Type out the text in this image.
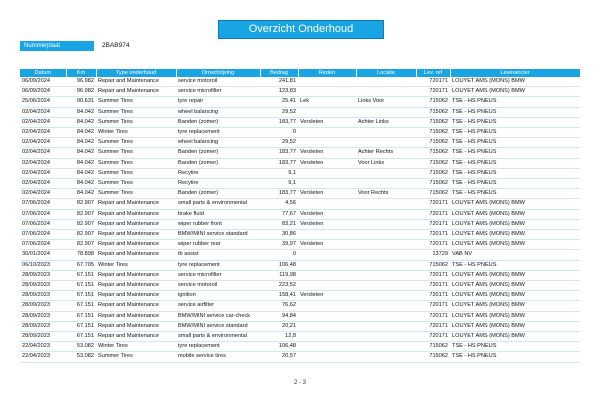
Overzicht Onderhoud
Nummerplaat	2BAB974
Datum	Km	Type onderhoud	Omschrijving	Bedrag	Reden	Locatie	Lev. ref	Leverancier
06/09/2024	96.982	Repair and Maintenance	service motoroil	241,81			720171	LOUYET AMS (MONS) BMW
06/09/2024	96.982	Repair and Maintenance	service microfilter	123,83			720171	LOUYET AMS (MONS) BMW
25/06/2024	90.631	Summer Tires	tyre repair	25,41	Lek	Links Voor	715062	TSE - HS PNEUS
02/04/2024	84.042	Summer Tires	wheel balancing	29,52			715062	TSE - HS PNEUS
02/04/2024	84.042	Summer Tires	Banden (zomer)	183,77	Versleten	Achter Links	715062	TSE - HS PNEUS
02/04/2024	84.042	Winter Tires	tyre replacement	0			715062	TSE - HS PNEUS
02/04/2024	84.042	Summer Tires	wheel balancing	29,52			715062	TSE - HS PNEUS
02/04/2024	84.042	Summer Tires	Banden (zomer)	183,77	Versleten	Achter Rechts	715062	TSE - HS PNEUS
02/04/2024	84.042	Summer Tires	Banden (zomer)	183,77	Versleten	Voor Links	715062	TSE - HS PNEUS
02/04/2024	84.042	Summer Tires	Recytire	9,1			715062	TSE - HS PNEUS
02/04/2024	84.042	Summer Tires	Recytire	9,1			715062	TSE - HS PNEUS
02/04/2024	84.042	Summer Tires	Banden (zomer)	183,77	Versleten	Voor Rechts	715062	TSE - HS PNEUS
07/06/2024	82.907	Repair and Maintenance	small parts & environmental	4,56			720171	LOUYET AMS (MONS) BMW
07/06/2024	82.907	Repair and Maintenance	brake fluid	77,67	Versleten		720171	LOUYET AMS (MONS) BMW
07/06/2024	82.907	Repair and Maintenance	wiper rubber front	83,21	Versleten		720171	LOUYET AMS (MONS) BMW
07/06/2024	82.907	Repair and Maintenance	BMW/MINI service standard	30,86			720171	LOUYET AMS (MONS) BMW
07/06/2024	82.907	Repair and Maintenance	wiper rubber rear	39,97	Versleten		720171	LOUYET AMS (MONS) BMW
30/01/2024	78.898	Repair and Maintenance	tb assist	0			13729	VAB NV
06/10/2023	67.705	Winter Tires	tyre replacement	106,48			715062	TSE - HS PNEUS
28/09/2023	67.151	Repair and Maintenance	service microfilter	119,98			720171	LOUYET AMS (MONS) BMW
28/09/2023	67.151	Repair and Maintenance	service motoroil	223,52			720171	LOUYET AMS (MONS) BMW
28/09/2023	67.151	Repair and Maintenance	ignition	158,41	Versleten		720171	LOUYET AMS (MONS) BMW
28/09/2023	67.151	Repair and Maintenance	service airfilter	76,62			720171	LOUYET AMS (MONS) BMW
28/09/2023	67.151	Repair and Maintenance	BMW/MINI service car-check	94,84			720171	LOUYET AMS (MONS) BMW
28/09/2023	67.151	Repair and Maintenance	BMW/MINI service standard	20,21			720171	LOUYET AMS (MONS) BMW
28/09/2023	67.151	Repair and Maintenance	small parts & environmental	12,8			720171	LOUYET AMS (MONS) BMW
22/04/2023	53.082	Winter Tires	tyre replacement	106,48			715062	TSE - HS PNEUS
22/04/2023	53.082	Summer Tires	mobile service tires	20,57			715062	TSE - HS PNEUS
2 - 3
